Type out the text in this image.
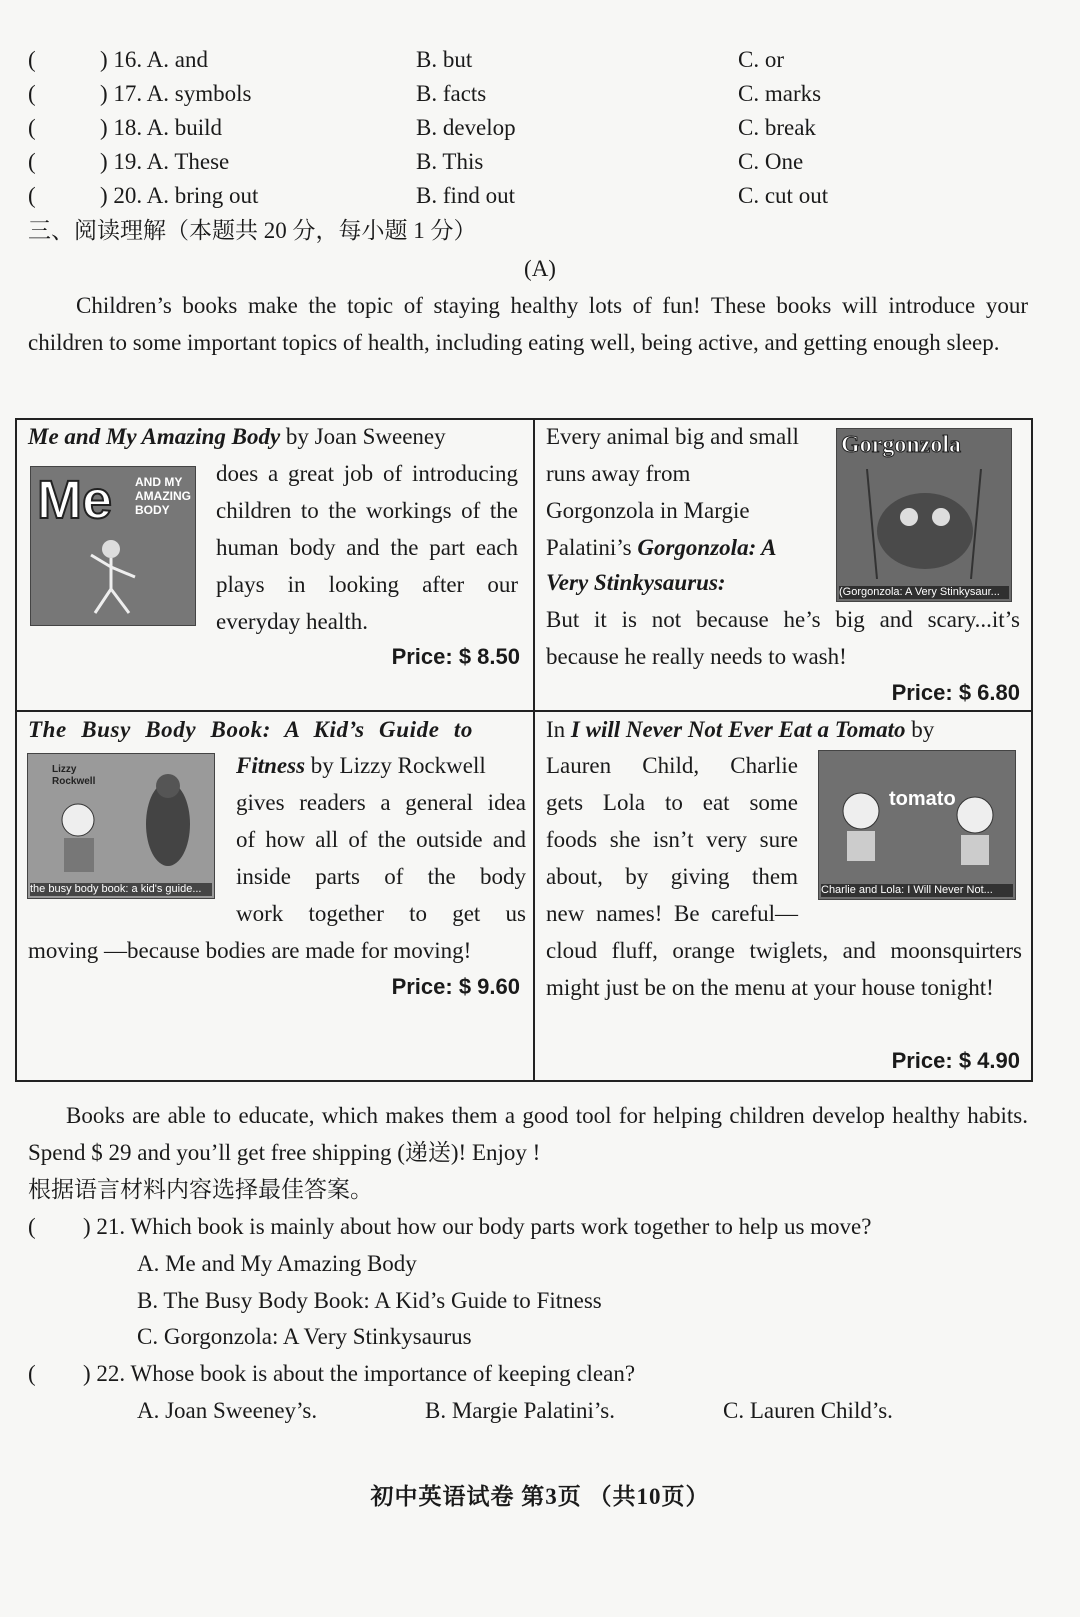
(	) 16. A. and	B. but	C. or
(	) 17. A. symbols	B. facts	C. marks
(	) 18. A. build	B. develop	C. break
(	) 19. A. These	B. This	C. One
(	) 20. A. bring out	B. find out	C. cut out
三、阅读理解（本题共 20 分，每小题 1 分）
(A)
Children’s books make the topic of staying healthy lots of fun! These books will introduce your children to some important topics of health, including eating well, being active, and getting enough sleep.

Me and My Amazing Body by Joan Sweeney

Me AND MY AMAZING BODY

does a great job of introducing

children to the workings of the

human body and the part each

plays in looking after our

everyday health.

Price: $ 8.50

Every animal big and small

runs away from

Gorgonzola in Margie

Palatini’s Gorgonzola: A

Very Stinkysaurus:

Gorgonzola
(Gorgonzola: A Very Stinkysaur...

But it is not because he’s big and scary...it’s because he really needs to wash!

Price: $ 6.80

The Busy Body Book: A Kid’s Guide to

Lizzy Rockwell
the busy body book: a kid's guide...

Fitness by Lizzy Rockwell

gives readers a general idea

of how all of the outside and

inside parts of the body

work together to get us

moving —because bodies are made for moving!
Price: $ 9.60

In I will Never Not Ever Eat a Tomato by

Lauren Child, Charlie

gets Lola to eat some

foods she isn’t very sure

about, by giving them

new names! Be careful—

tomato
Charlie and Lola: I Will Never Not...

cloud fluff, orange twiglets, and moonsquirters might just be on the menu at your house tonight!

Price: $ 4.90
Books are able to educate, which makes them a good tool for helping children develop healthy habits. Spend $ 29 and you’ll get free shipping (递送)! Enjoy !
根据语言材料内容选择最佳答案。
( ) 21. Which book is mainly about how our body parts work together to help us move?
A. Me and My Amazing Body
B. The Busy Body Book: A Kid’s Guide to Fitness
C. Gorgonzola: A Very Stinkysaurus
( ) 22. Whose book is about the importance of keeping clean?
A. Joan Sweeney’s.	B. Margie Palatini’s.	C. Lauren Child’s.
初中英语试卷 第3页 （共10页）
